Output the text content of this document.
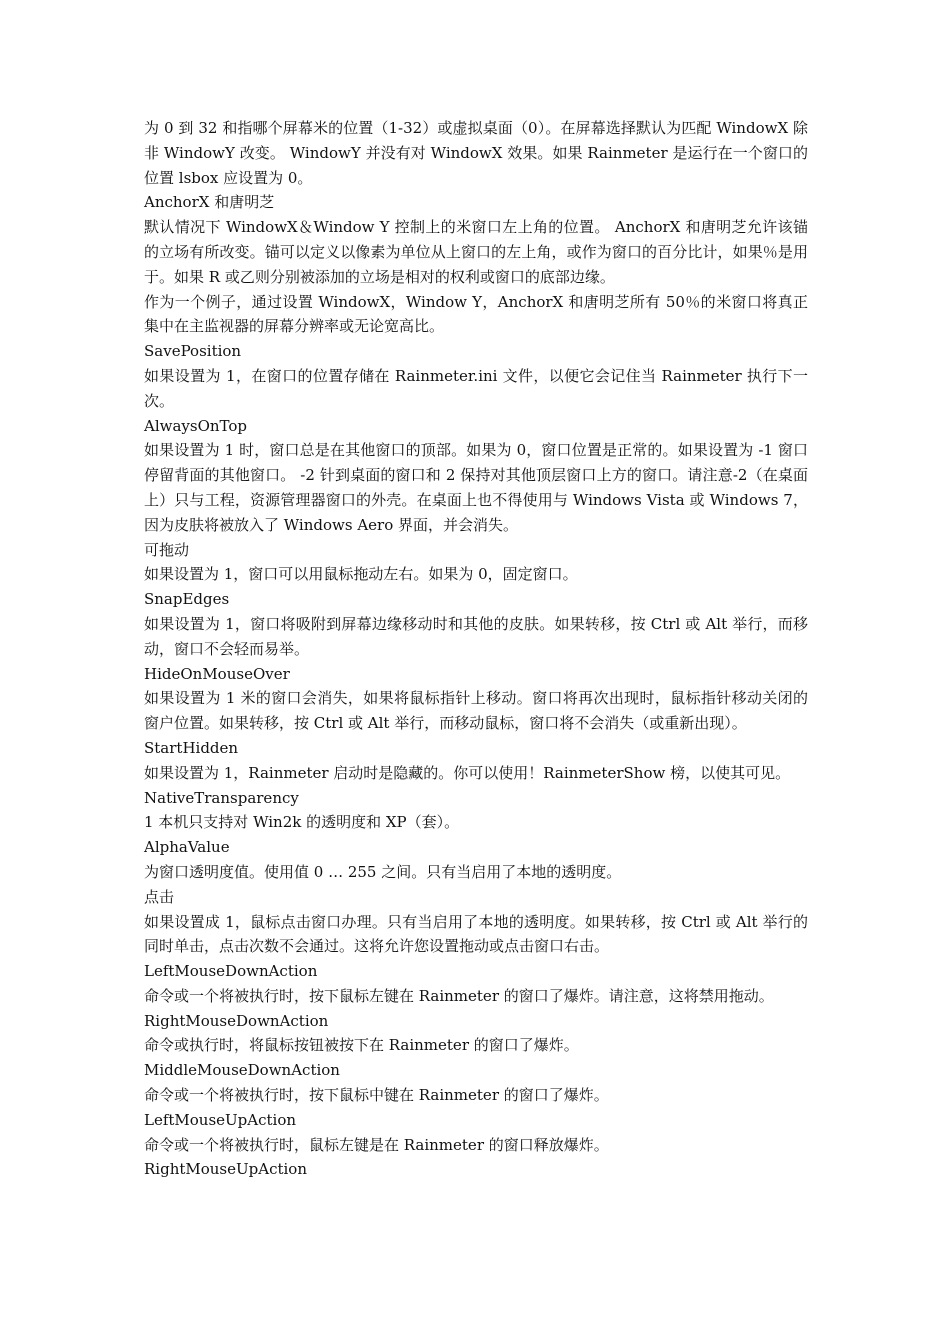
为 0 到 32 和指哪个屏幕米的位置（1-32）或虚拟桌面（0）。在屏幕选择默认为匹配 WindowX 除非 WindowY 改变。 WindowY 并没有对 WindowX 效果。如果 Rainmeter 是运行在一个窗口的位置 lsbox 应设置为 0。

AnchorX 和唐明芝

默认情况下 WindowX＆Window Y 控制上的米窗口左上角的位置。 AnchorX 和唐明芝允许该锚的立场有所改变。锚可以定义以像素为单位从上窗口的左上角，或作为窗口的百分比计，如果％是用于。如果 R 或乙则分别被添加的立场是相对的权利或窗口的底部边缘。

作为一个例子，通过设置 WindowX，Window Y，AnchorX 和唐明芝所有 50％的米窗口将真正集中在主监视器的屏幕分辨率或无论宽高比。

SavePosition

如果设置为 1，在窗口的位置存储在 Rainmeter.ini 文件，以便它会记住当 Rainmeter 执行下一次。

AlwaysOnTop

如果设置为 1 时，窗口总是在其他窗口的顶部。如果为 0，窗口位置是正常的。如果设置为 -1 窗口停留背面的其他窗口。 -2 针到桌面的窗口和 2 保持对其他顶层窗口上方的窗口。请注意-2（在桌面上）只与工程，资源管理器窗口的外壳。在桌面上也不得使用与 Windows Vista 或 Windows 7，因为皮肤将被放入了 Windows Aero 界面，并会消失。

可拖动

如果设置为 1，窗口可以用鼠标拖动左右。如果为 0，固定窗口。

SnapEdges

如果设置为 1，窗口将吸附到屏幕边缘移动时和其他的皮肤。如果转移，按 Ctrl 或 Alt 举行，而移动，窗口不会轻而易举。

HideOnMouseOver

如果设置为 1 米的窗口会消失，如果将鼠标指针上移动。窗口将再次出现时，鼠标指针移动关闭的窗户位置。如果转移，按 Ctrl 或 Alt 举行，而移动鼠标，窗口将不会消失（或重新出现）。

StartHidden

如果设置为 1，Rainmeter 启动时是隐藏的。你可以使用！RainmeterShow 榜，以使其可见。

NativeTransparency

1 本机只支持对 Win2k 的透明度和 XP（套）。

AlphaValue

为窗口透明度值。使用值 0 … 255 之间。只有当启用了本地的透明度。

点击

如果设置成 1，鼠标点击窗口办理。只有当启用了本地的透明度。如果转移，按 Ctrl 或 Alt 举行的同时单击，点击次数不会通过。这将允许您设置拖动或点击窗口右击。

LeftMouseDownAction

命令或一个将被执行时，按下鼠标左键在 Rainmeter 的窗口了爆炸。请注意，这将禁用拖动。

RightMouseDownAction

命令或执行时，将鼠标按钮被按下在 Rainmeter 的窗口了爆炸。

MiddleMouseDownAction

命令或一个将被执行时，按下鼠标中键在 Rainmeter 的窗口了爆炸。

LeftMouseUpAction

命令或一个将被执行时，鼠标左键是在 Rainmeter 的窗口释放爆炸。

RightMouseUpAction
